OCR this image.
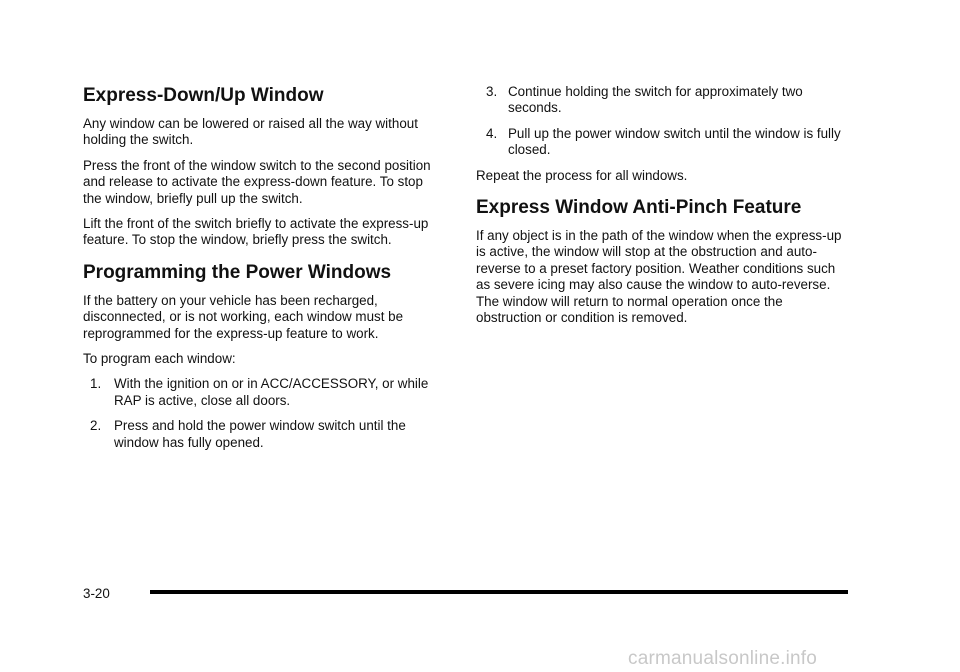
Express-Down/Up Window

Any window can be lowered or raised all the way without holding the switch.

Press the front of the window switch to the second position and release to activate the express-down feature. To stop the window, briefly pull up the switch.

Lift the front of the switch briefly to activate the express-up feature. To stop the window, briefly press the switch.

Programming the Power Windows

If the battery on your vehicle has been recharged, disconnected, or is not working, each window must be reprogrammed for the express-up feature to work.

To program each window:

1. With the ignition on or in ACC/ACCESSORY, or while RAP is active, close all doors.
2. Press and hold the power window switch until the window has fully opened.
3. Continue holding the switch for approximately two seconds.
4. Pull up the power window switch until the window is fully closed.

Repeat the process for all windows.

Express Window Anti-Pinch Feature

If any object is in the path of the window when the express-up is active, the window will stop at the obstruction and auto-reverse to a preset factory position. Weather conditions such as severe icing may also cause the window to auto-reverse. The window will return to normal operation once the obstruction or condition is removed.

3-20
carmanualsonline.info
